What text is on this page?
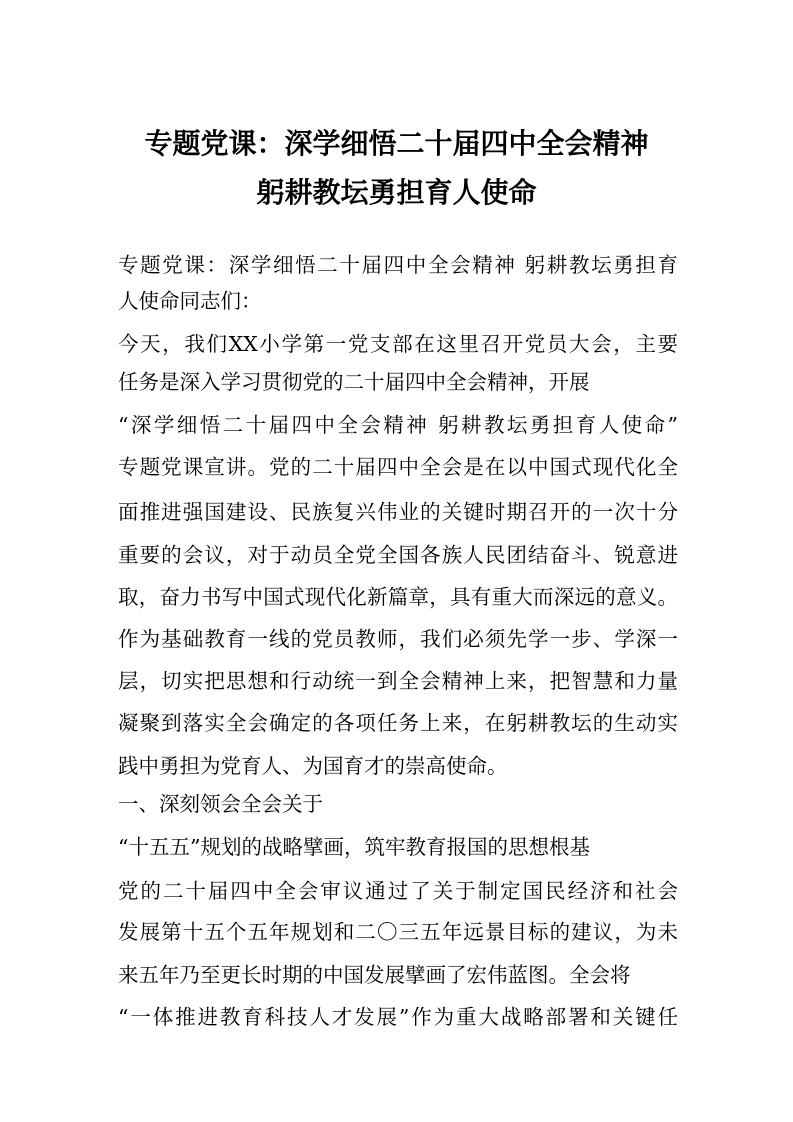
专题党课：深学细悟二十届四中全会精神
躬耕教坛勇担育人使命
专题党课：深学细悟二十届四中全会精神 躬耕教坛勇担育
人使命同志们：
今天，我们XX小学第一党支部在这里召开党员大会，主要
任务是深入学习贯彻党的二十届四中全会精神，开展
“深学细悟二十届四中全会精神 躬耕教坛勇担育人使命”
专题党课宣讲。党的二十届四中全会是在以中国式现代化全
面推进强国建设、民族复兴伟业的关键时期召开的一次十分
重要的会议，对于动员全党全国各族人民团结奋斗、锐意进
取，奋力书写中国式现代化新篇章，具有重大而深远的意义。
作为基础教育一线的党员教师，我们必须先学一步、学深一
层，切实把思想和行动统一到全会精神上来，把智慧和力量
凝聚到落实全会确定的各项任务上来，在躬耕教坛的生动实
践中勇担为党育人、为国育才的崇高使命。
一、深刻领会全会关于
“十五五”规划的战略擘画，筑牢教育报国的思想根基
党的二十届四中全会审议通过了关于制定国民经济和社会
发展第十五个五年规划和二〇三五年远景目标的建议，为未
来五年乃至更长时期的中国发展擘画了宏伟蓝图。全会将
“一体推进教育科技人才发展”作为重大战略部署和关键任
